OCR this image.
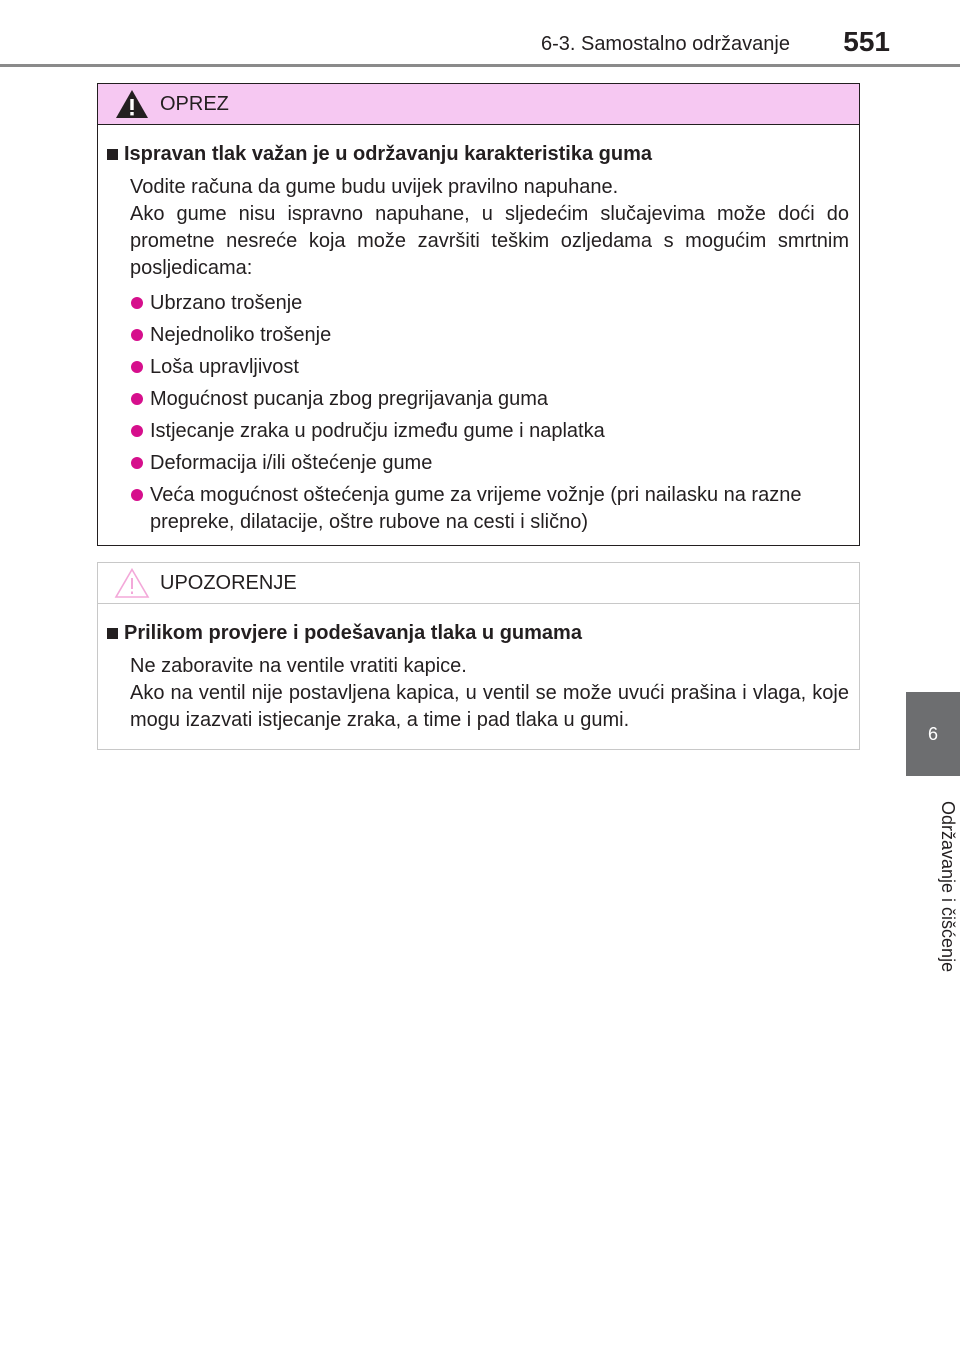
6-3. Samostalno održavanje 551
6
Održavanje i čišćenje
OPREZ
Ispravan tlak važan je u održavanju karakteristika guma
Vodite računa da gume budu uvijek pravilno napuhane.
Ako gume nisu ispravno napuhane, u sljedećim slučajevima može doći do prometne nesreće koja može završiti teškim ozljedama s mogućim smrtnim posljedicama:
Ubrzano trošenje
Nejednoliko trošenje
Loša upravljivost
Mogućnost pucanja zbog pregrijavanja guma
Istjecanje zraka u području između gume i naplatka
Deformacija i/ili oštećenje gume
Veća mogućnost oštećenja gume za vrijeme vožnje (pri nailasku na razne prepreke, dilatacije, oštre rubove na cesti i slično)
UPOZORENJE
Prilikom provjere i podešavanja tlaka u gumama
Ne zaboravite na ventile vratiti kapice.
Ako na ventil nije postavljena kapica, u ventil se može uvući prašina i vlaga, koje mogu izazvati istjecanje zraka, a time i pad tlaka u gumi.
